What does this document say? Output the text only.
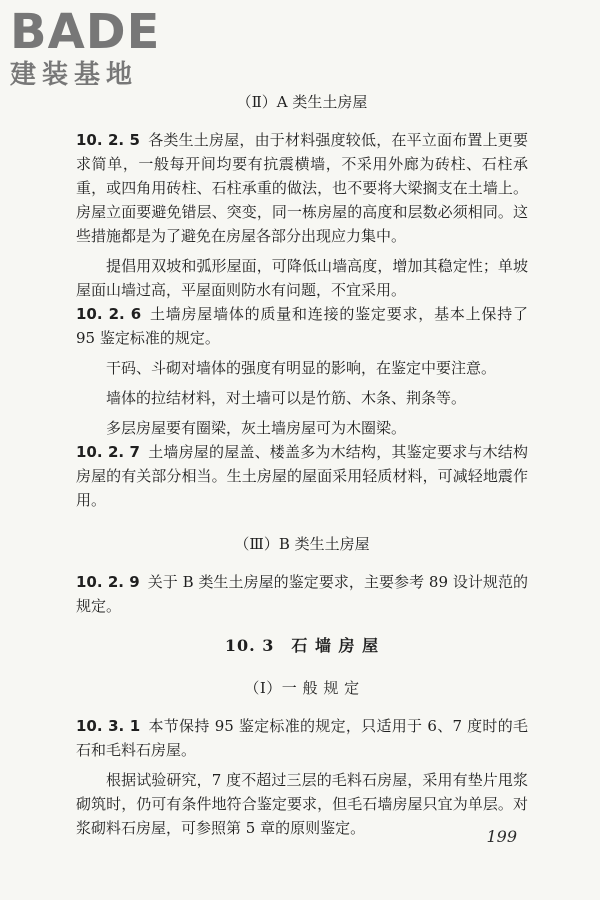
BADE
建装基地
（Ⅱ）A 类生土房屋

10. 2. 5 各类生土房屋，由于材料强度较低，在平立面布置上更要求简单，一般每开间均要有抗震横墙，不采用外廊为砖柱、石柱承重，或四角用砖柱、石柱承重的做法，也不要将大梁搁支在土墙上。房屋立面要避免错层、突变，同一栋房屋的高度和层数必须相同。这些措施都是为了避免在房屋各部分出现应力集中。

提倡用双坡和弧形屋面，可降低山墙高度，增加其稳定性；单坡屋面山墙过高，平屋面则防水有问题，不宜采用。

10. 2. 6 土墙房屋墙体的质量和连接的鉴定要求，基本上保持了 95 鉴定标准的规定。

干码、斗砌对墙体的强度有明显的影响，在鉴定中要注意。

墙体的拉结材料，对土墙可以是竹筋、木条、荆条等。

多层房屋要有圈梁，灰土墙房屋可为木圈梁。

10. 2. 7 土墙房屋的屋盖、楼盖多为木结构，其鉴定要求与木结构房屋的有关部分相当。生土房屋的屋面采用轻质材料，可减轻地震作用。

（Ⅲ）B 类生土房屋

10. 2. 9 关于 B 类生土房屋的鉴定要求，主要参考 89 设计规范的规定。

10. 3　石 墙 房 屋
（Ⅰ）一 般 规 定

10. 3. 1 本节保持 95 鉴定标准的规定，只适用于 6、7 度时的毛石和毛料石房屋。

根据试验研究，7 度不超过三层的毛料石房屋，采用有垫片甩浆砌筑时，仍可有条件地符合鉴定要求，但毛石墙房屋只宜为单层。对浆砌料石房屋，可参照第 5 章的原则鉴定。	199
